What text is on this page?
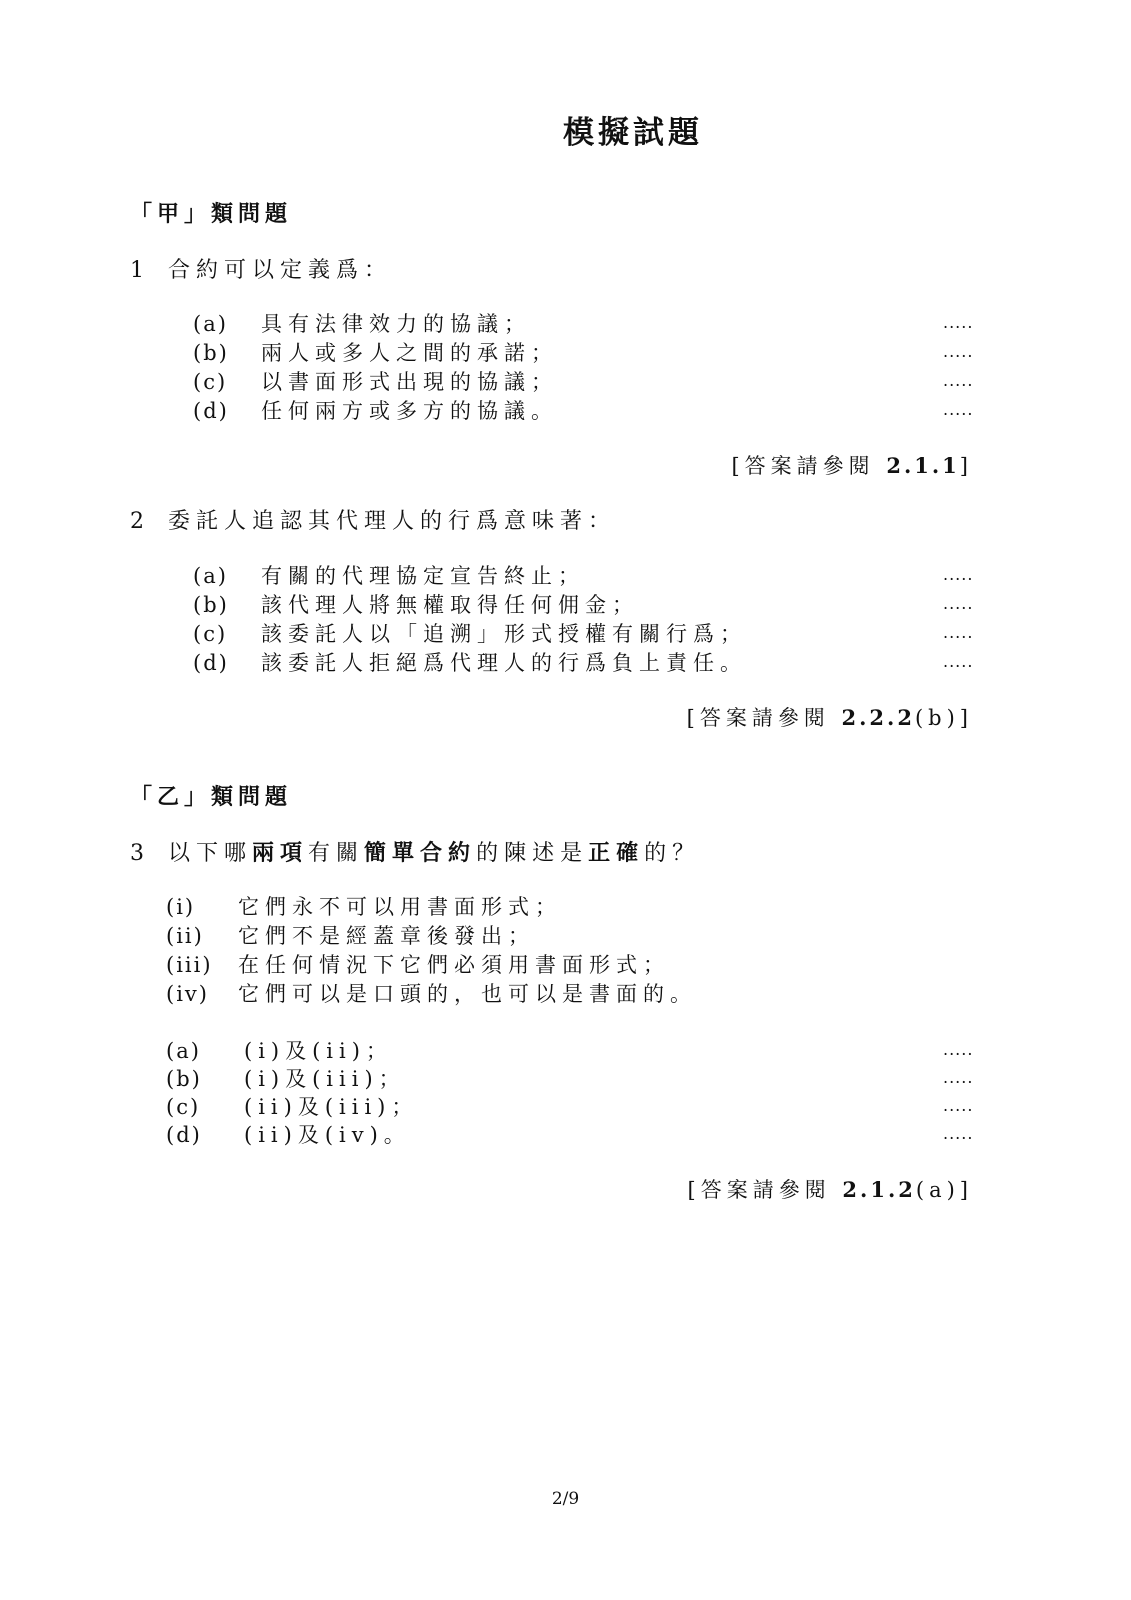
模擬試題
「甲」類問題
1 合約可以定義爲：
(a) 具有法律效力的協議；	.....
(b) 兩人或多人之間的承諾；	.....
(c) 以書面形式出現的協議；	.....
(d) 任何兩方或多方的協議。	.....
[答案請參閱 2.1.1]
2 委託人追認其代理人的行爲意味著：
(a) 有關的代理協定宣告終止；	.....
(b) 該代理人將無權取得任何佣金；	.....
(c) 該委託人以「追溯」形式授權有關行爲；	.....
(d) 該委託人拒絕爲代理人的行爲負上責任。	.....
[答案請參閱 2.2.2(b)]
「乙」類問題
3 以下哪兩項有關簡單合約的陳述是正確的？
(i) 它們永不可以用書面形式；
(ii) 它們不是經蓋章後發出；
(iii) 在任何情況下它們必須用書面形式；
(iv) 它們可以是口頭的，也可以是書面的。
(a) (i)及(ii)；	.....
(b) (i)及(iii)；	.....
(c) (ii)及(iii)；	.....
(d) (ii)及(iv)。	.....
[答案請參閱 2.1.2(a)]
2/9
